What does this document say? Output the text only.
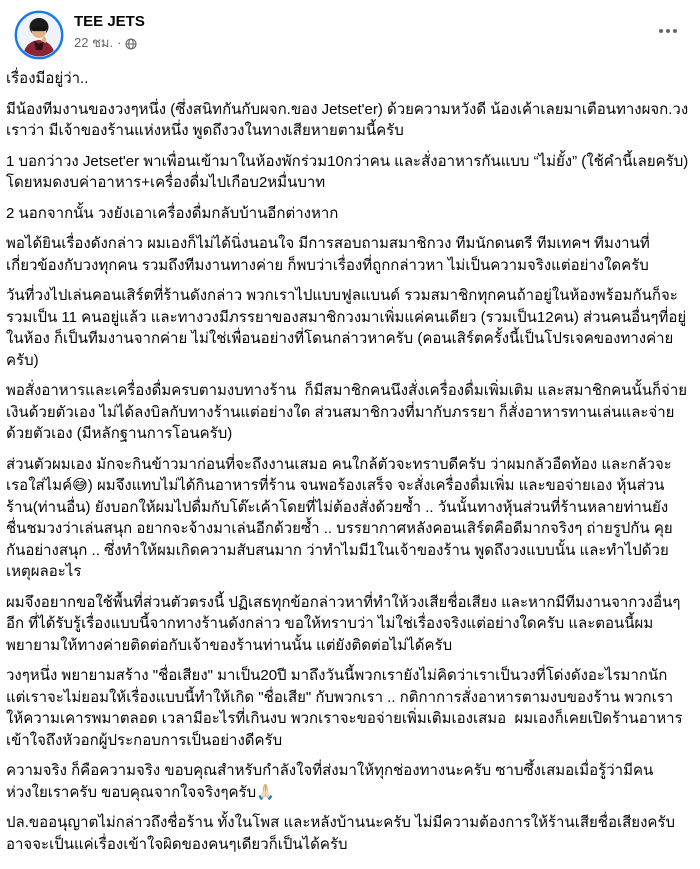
TEE JETS
22 ชม. ·

เรื่องมีอยู่ว่า..

มีน้องทีมงานของวงๆหนึ่ง (ซึ่งสนิทกันกับผจก.ของ Jetset'er) ด้วยความหวังดี น้องเค้าเลยมาเตือนทางผจก.วงเราว่า มีเจ้าของร้านแห่งหนึ่ง พูดถึงวงในทางเสียหายตามนี้ครับ

1 บอกว่าวง Jetset'er พาเพื่อนเข้ามาในห้องพักร่วม10กว่าคน และสั่งอาหารกันแบบ “ไม่ยั้ง” (ใช้คำนี้เลยครับ) โดยหมดงบค่าอาหาร+เครื่องดื่มไปเกือบ2หมื่นบาท

2 นอกจากนั้น วงยังเอาเครื่องดื่มกลับบ้านอีกต่างหาก

พอได้ยินเรื่องดังกล่าว ผมเองก็ไม่ได้นิ่งนอนใจ มีการสอบถามสมาชิกวง ทีมนักดนตรี ทีมเทคฯ ทีมงานที่เกี่ยวข้องกับวงทุกคน รวมถึงทีมงานทางค่าย ก็พบว่าเรื่องที่ถูกกล่าวหา ไม่เป็นความจริงแต่อย่างใดครับ

วันที่วงไปเล่นคอนเสิร์ตที่ร้านดังกล่าว พวกเราไปแบบฟูลแบนด์ รวมสมาชิกทุกคนถ้าอยู่ในห้องพร้อมกันก็จะรวมเป็น 11 คนอยู่แล้ว และทางวงมีภรรยาของสมาชิกวงมาเพิ่มแค่คนเดียว (รวมเป็น12คน) ส่วนคนอื่นๆที่อยู่ในห้อง ก็เป็นทีมงานจากค่าย ไม่ใช่เพื่อนอย่างที่โดนกล่าวหาครับ (คอนเสิร์ตครั้งนี้เป็นโปรเจคของทางค่ายครับ)

พอสั่งอาหารและเครื่องดื่มครบตามงบทางร้าน  ก็มีสมาชิกคนนึงสั่งเครื่องดื่มเพิ่มเติม และสมาชิกคนนั้นก็จ่ายเงินด้วยตัวเอง ไม่ได้ลงบิลกับทางร้านแต่อย่างใด ส่วนสมาชิกวงที่มากับภรรยา ก็สั่งอาหารทานเล่นและจ่ายด้วยตัวเอง (มีหลักฐานการโอนครับ)

ส่วนตัวผมเอง มักจะกินข้าวมาก่อนที่จะถึงงานเสมอ คนใกล้ตัวจะทราบดีครับ ว่าผมกลัวอืดท้อง และกลัวจะเรอใส่ไมค์😅) ผมจึงแทบไม่ได้กินอาหารที่ร้าน จนพอร้องเสร็จ จะสั่งเครื่องดื่มเพิ่ม และขอจ่ายเอง หุ้นส่วนร้าน(ท่านอื่น) ยังบอกให้ผมไปดื่มกับโต๊ะเค้าโดยที่ไม่ต้องสั่งด้วยซ้ำ .. วันนั้นทางหุ้นส่วนที่ร้านหลายท่านยังชื่นชมวงว่าเล่นสนุก อยากจะจ้างมาเล่นอีกด้วยซ้ำ .. บรรยากาศหลังคอนเสิร์ตคือดีมากจริงๆ ถ่ายรูปกัน คุยกันอย่างสนุก .. ซึ่งทำให้ผมเกิดความสับสนมาก ว่าทำไมมี1ในเจ้าของร้าน พูดถึงวงแบบนั้น และทำไปด้วยเหตุผลอะไร

ผมจึงอยากขอใช้พื้นที่ส่วนตัวตรงนี้ ปฏิเสธทุกข้อกล่าวหาที่ทำให้วงเสียชื่อเสียง และหากมีทีมงานจากวงอื่นๆอีก ที่ได้รับรู้เรื่องแบบนี้จากทางร้านดังกล่าว ขอให้ทราบว่า ไม่ใช่เรื่องจริงแต่อย่างใดครับ และตอนนี้ผมพยายามให้ทางค่ายติดต่อกับเจ้าของร้านท่านนั้น แต่ยังติดต่อไม่ได้ครับ

วงๆหนึ่ง พยายามสร้าง "ชื่อเสียง" มาเป็น20ปี มาถึงวันนี้พวกเรายังไม่คิดว่าเราเป็นวงที่โด่งดังอะไรมากนัก แต่เราจะไม่ยอมให้เรื่องแบบนี้ทำให้เกิด "ชื่อเสีย" กับพวกเรา .. กติกาการสั่งอาหารตามงบของร้าน พวกเราให้ความเคารพมาตลอด เวลามีอะไรที่เกินงบ พวกเราจะขอจ่ายเพิ่มเติมเองเสมอ  ผมเองก็เคยเปิดร้านอาหาร เข้าใจถึงหัวอกผู้ประกอบการเป็นอย่างดีครับ

ความจริง ก็คือความจริง ขอบคุณสำหรับกำลังใจที่ส่งมาให้ทุกช่องทางนะครับ ซาบซึ้งเสมอเมื่อรู้ว่ามีคนห่วงใยเราครับ ขอบคุณจากใจจริงๆครับ🙏🏻

ปล.ขออนุญาตไม่กล่าวถึงชื่อร้าน ทั้งในโพส และหลังบ้านนะครับ ไม่มีความต้องการให้ร้านเสียชื่อเสียงครับ อาจจะเป็นแค่เรื่องเข้าใจผิดของคนๆเดียวก็เป็นได้ครับ
